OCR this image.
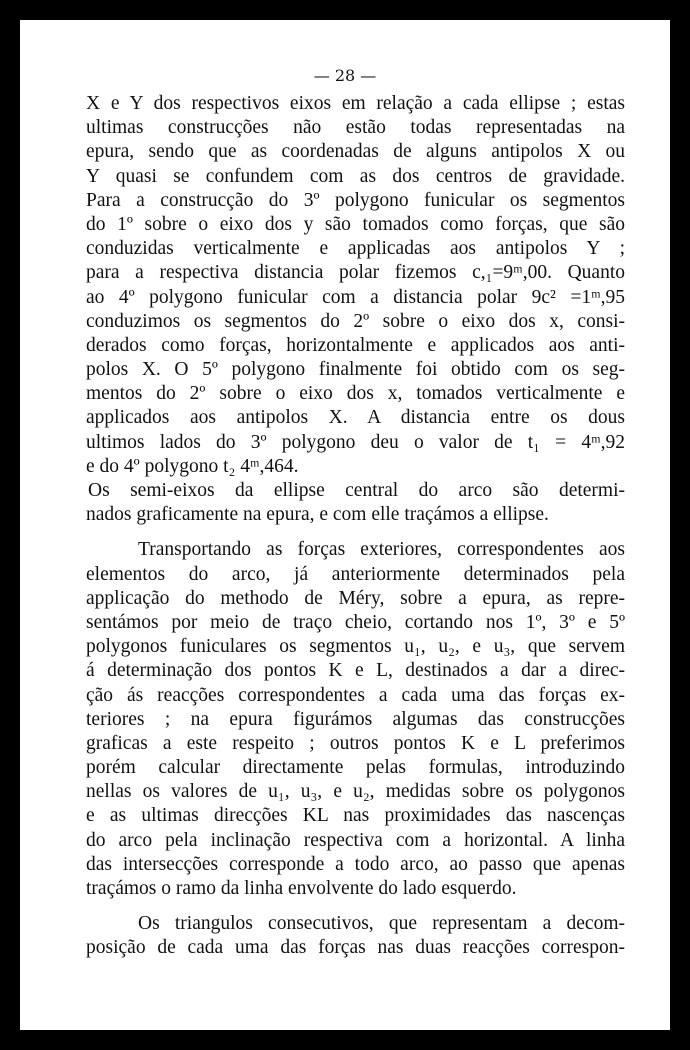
— 28 —
X e Y dos respectivos eixos em relação a cada ellipse ; estas
ultimas construcções não estão todas representadas na
epura, sendo que as coordenadas de alguns antipolos X ou
Y quasi se confundem com as dos centros de gravidade.
Para a construcção do 3º polygono funicular os segmentos
do 1º sobre o eixo dos y são tomados como forças, que são
conduzidas verticalmente e applicadas aos antipolos Y ;
para a respectiva distancia polar fizemos c,₁=9ᵐ,00. Quanto
ao 4º polygono funicular com a distancia polar 9c² =1ᵐ,95
conduzimos os segmentos do 2º sobre o eixo dos x, consi-
derados como forças, horizontalmente e applicados aos anti-
polos X. O 5º polygono finalmente foi obtido com os seg-
mentos do 2º sobre o eixo dos x, tomados verticalmente e
applicados aos antipolos X. A distancia entre os dous
ultimos lados do 3º polygono deu o valor de t₁ = 4ᵐ,92
e do 4º polygono t₂ 4ᵐ,464.
Os semi-eixos da ellipse central do arco são determi-
nados graficamente na epura, e com elle traçámos a ellipse.
Transportando as forças exteriores, correspondentes aos
elementos do arco, já anteriormente determinados pela
applicação do methodo de Méry, sobre a epura, as repre-
sentámos por meio de traço cheio, cortando nos 1º, 3º e 5º
polygonos funiculares os segmentos u₁, u₂, e u₃, que servem
á determinação dos pontos K e L, destinados a dar a direc-
ção ás reacções correspondentes a cada uma das forças ex-
teriores ; na epura figurámos algumas das construcções
graficas a este respeito ; outros pontos K e L preferimos
porém calcular directamente pelas formulas, introduzindo
nellas os valores de u₁, u₃, e u₂, medidas sobre os polygonos
e as ultimas direcções KL nas proximidades das nascenças
do arco pela inclinação respectiva com a horizontal. A linha
das intersecções corresponde a todo arco, ao passo que apenas
traçámos o ramo da linha envolvente do lado esquerdo.
Os triangulos consecutivos, que representam a decom-
posição de cada uma das forças nas duas reacções correspon-
